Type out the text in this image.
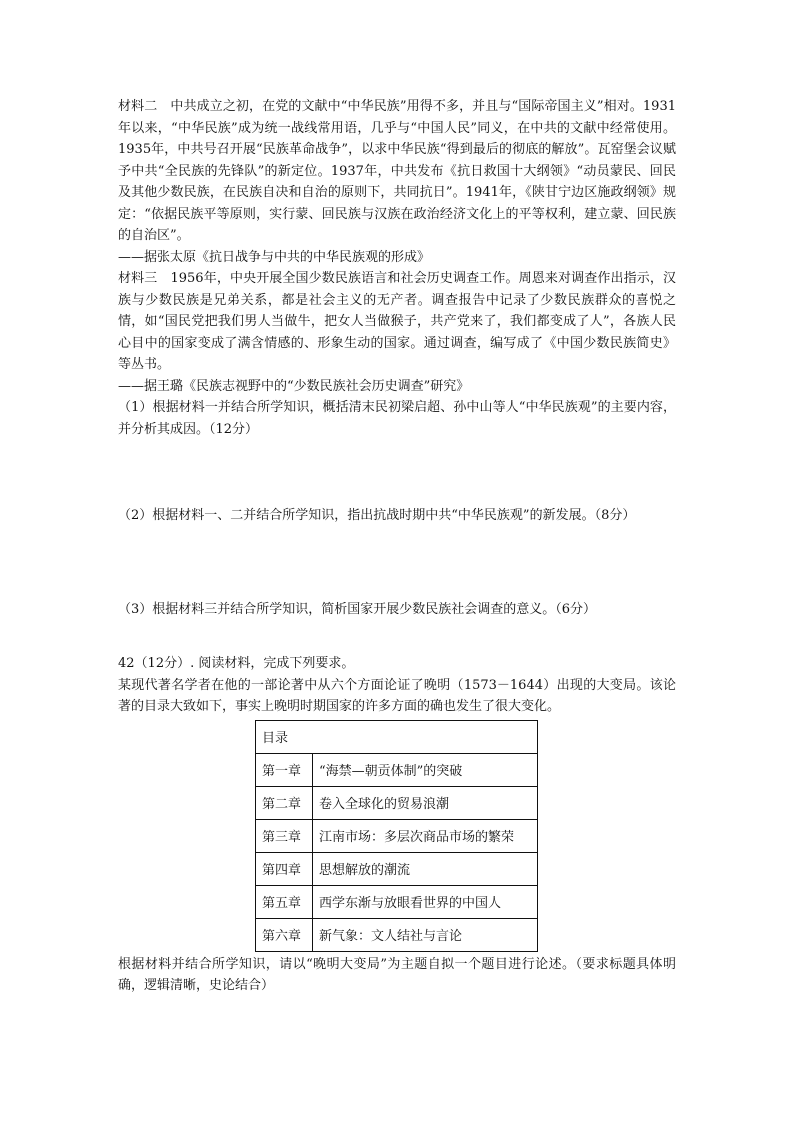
材料二　中共成立之初，在党的文献中“中华民族”用得不多，并且与“国际帝国主义”相对。1931年以来，“中华民族”成为统一战线常用语，几乎与“中国人民”同义，在中共的文献中经常使用。1935年，中共号召开展“民族革命战争”，以求中华民族“得到最后的彻底的解放”。瓦窑堡会议赋予中共“全民族的先锋队”的新定位。1937年，中共发布《抗日救国十大纲领》“动员蒙民、回民及其他少数民族，在民族自决和自治的原则下，共同抗日”。1941年，《陕甘宁边区施政纲领》规定：“依据民族平等原则，实行蒙、回民族与汉族在政治经济文化上的平等权利，建立蒙、回民族的自治区”。

——据张太原《抗日战争与中共的中华民族观的形成》

材料三　1956年，中央开展全国少数民族语言和社会历史调查工作。周恩来对调查作出指示，汉族与少数民族是兄弟关系，都是社会主义的无产者。调查报告中记录了少数民族群众的喜悦之情，如“国民党把我们男人当做牛，把女人当做猴子，共产党来了，我们都变成了人”，各族人民心目中的国家变成了满含情感的、形象生动的国家。通过调查，编写成了《中国少数民族简史》等丛书。

——据王璐《民族志视野中的“少数民族社会历史调查”研究》

（1）根据材料一并结合所学知识，概括清末民初梁启超、孙中山等人“中华民族观”的主要内容，并分析其成因。（12分）

（2）根据材料一、二并结合所学知识，指出抗战时期中共“中华民族观”的新发展。（8分）

（3）根据材料三并结合所学知识，简析国家开展少数民族社会调查的意义。（6分）

42（12分）. 阅读材料，完成下列要求。

某现代著名学者在他的一部论著中从六个方面论证了晚明（1573－1644）出现的大变局。该论著的目录大致如下，事实上晚明时期国家的许多方面的确也发生了很大变化。

目录	
第一章	“海禁—朝贡体制”的突破
第二章	卷入全球化的贸易浪潮
第三章	江南市场：多层次商品市场的繁荣
第四章	思想解放的潮流
第五章	西学东渐与放眼看世界的中国人
第六章	新气象：文人结社与言论

根据材料并结合所学知识，请以“晚明大变局”为主题自拟一个题目进行论述。（要求标题具体明确，逻辑清晰，史论结合）
